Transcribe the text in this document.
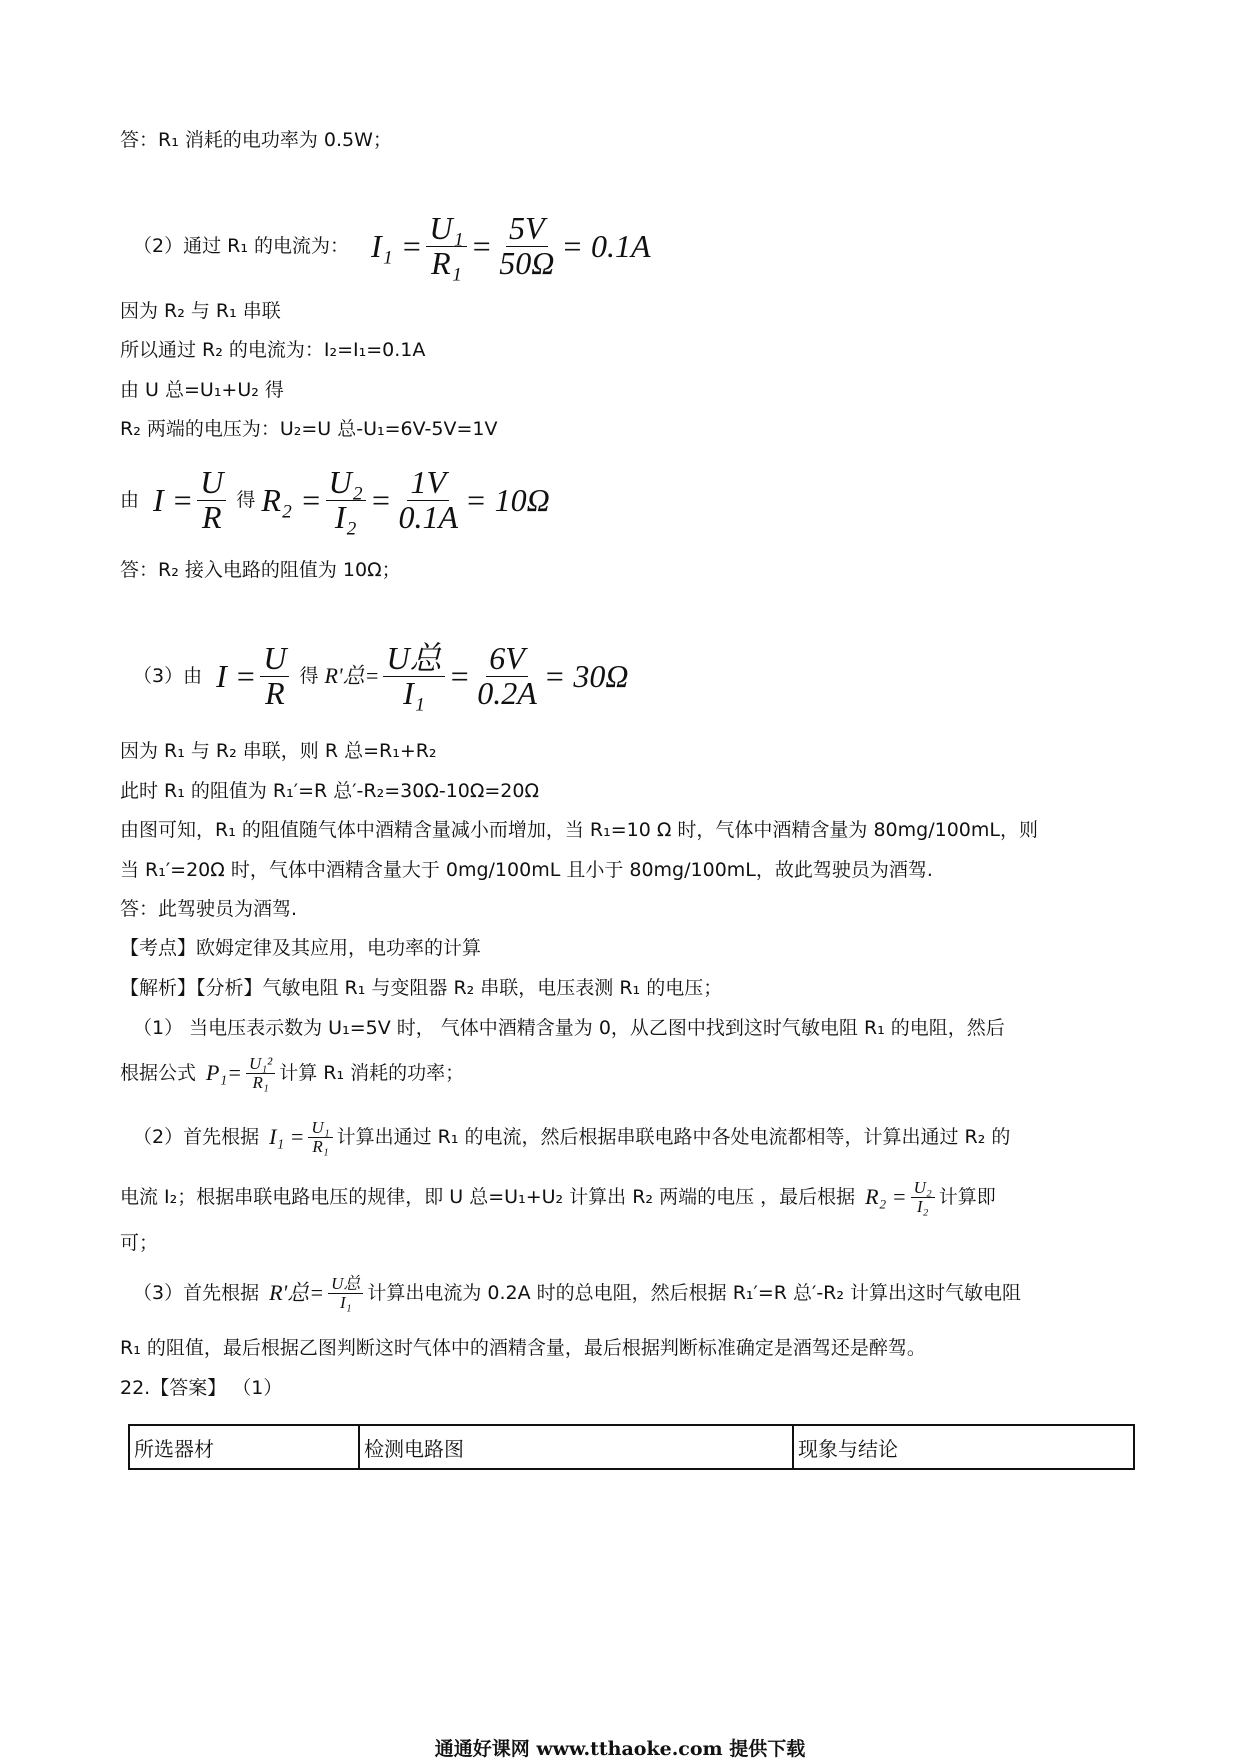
答：R₁ 消耗的电功率为 0.5W；
（2）通过 R₁ 的电流为： $I_1 = \frac{\text{U₁}}{\text{R₁}} = \frac{5V}{50\Omega} = 0.1A$
因为 R₂ 与 R₁ 串联
所以通过 R₂ 的电流为：I₂=I₁=0.1A
由 U 总=U₁+U₂ 得
R₂ 两端的电压为：U₂=U 总-U₁=6V-5V=1V
由 $I = \frac{U}{R}$ 得 $R_2 = \frac{\text{U₂}}{\text{I₂}} = \frac{1V}{0.1A} = 10\Omega$
答：R₂ 接入电路的阻值为 10Ω；
（3）由 $I = \frac{U}{R}$ 得 R'总= $\frac{\text{U总}}{\text{I₁}} = \frac{6V}{0.2A} = 30\Omega$
因为 R₁ 与 R₂ 串联，则 R 总=R₁+R₂
此时 R₁ 的阻值为 R₁′=R 总′-R₂=30Ω-10Ω=20Ω
由图可知，R₁ 的阻值随气体中酒精含量减小而增加，当 R₁=10 Ω 时，气体中酒精含量为 80mg/100mL，则
当 R₁′=20Ω 时，气体中酒精含量大于 0mg/100mL 且小于 80mg/100mL，故此驾驶员为酒驾.
答：此驾驶员为酒驾.
【考点】欧姆定律及其应用，电功率的计算
【解析】【分析】气敏电阻 R₁ 与变阻器 R₂ 串联，电压表测 R₁ 的电压；
（1） 当电压表示数为 U₁=5V 时， 气体中酒精含量为 0，从乙图中找到这时气敏电阻 R₁ 的电阻，然后
根据公式 $P_1= \frac{\text{U₁²}}{\text{R₁}}$ 计算 R₁ 消耗的功率；
（2）首先根据 $I_1 = \frac{\text{U₁}}{\text{R₁}}$ 计算出通过 R₁ 的电流，然后根据串联电路中各处电流都相等，计算出通过 R₂ 的
电流 I₂；根据串联电路电压的规律，即 U 总=U₁+U₂ 计算出 R₂ 两端的电压 ，最后根据 $R_2 = \frac{\text{U₂}}{\text{I₂}}$ 计算即
可；
（3）首先根据 R'总= $\frac{\text{U总}}{\text{I₁}}$ 计算出电流为 0.2A 时的总电阻，然后根据 R₁′=R 总′-R₂ 计算出这时气敏电阻
R₁ 的阻值，最后根据乙图判断这时气体中的酒精含量，最后根据判断标准确定是酒驾还是醉驾。
22.【答案】 （1）
所选器材	检测电路图	现象与结论
通通好课网 www.tthaoke.com 提供下载
